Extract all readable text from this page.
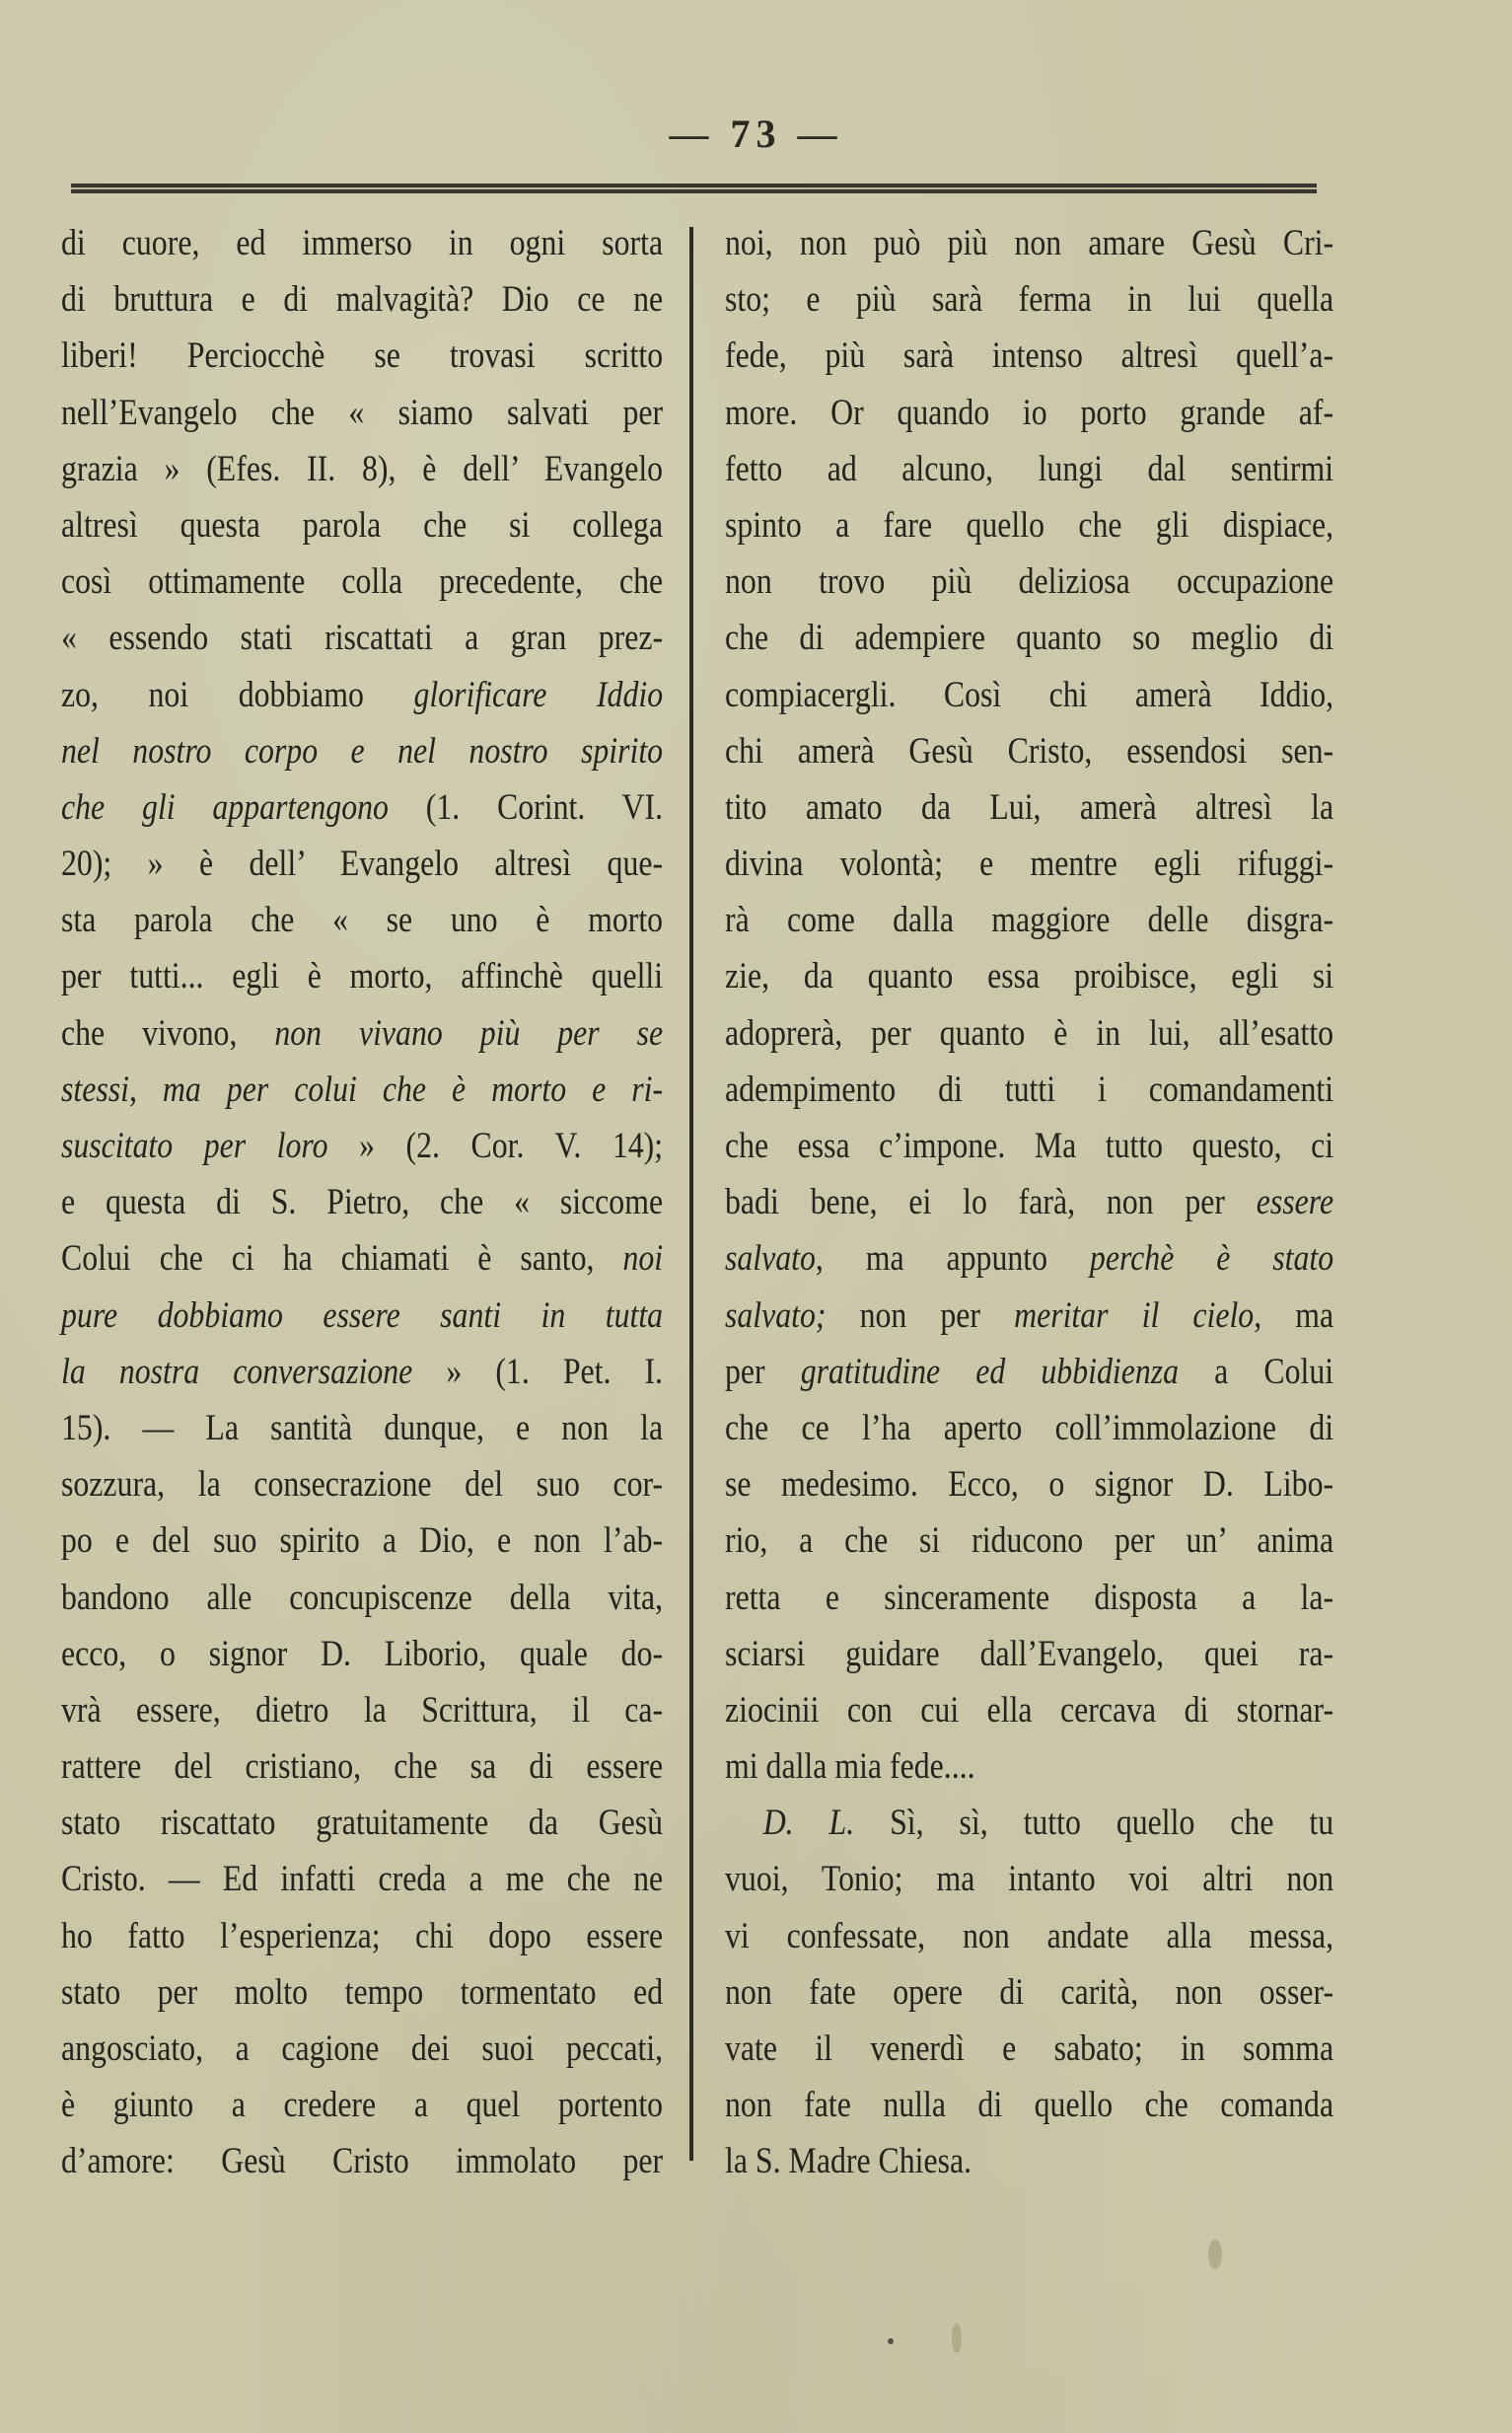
— 73 —
di cuore, ed immerso in ogni sorta
di bruttura e di malvagità? Dio ce ne
liberi! Perciocchè se trovasi scritto
nell’Evangelo che « siamo salvati per
grazia » (Efes. II. 8), è dell’ Evangelo
altresì questa parola che si collega
così ottimamente colla precedente, che
« essendo stati riscattati a gran prez-
zo, noi dobbiamo glorificare Iddio
nel nostro corpo e nel nostro spirito
che gli appartengono (1. Corint. VI.
20); » è dell’ Evangelo altresì que-
sta parola che « se uno è morto
per tutti... egli è morto, affinchè quelli
che vivono, non vivano più per se
stessi, ma per colui che è morto e ri-
suscitato per loro » (2. Cor. V. 14);
e questa di S. Pietro, che « siccome
Colui che ci ha chiamati è santo, noi
pure dobbiamo essere santi in tutta
la nostra conversazione » (1. Pet. I.
15). — La santità dunque, e non la
sozzura, la consecrazione del suo cor-
po e del suo spirito a Dio, e non l’ab-
bandono alle concupiscenze della vita,
ecco, o signor D. Liborio, quale do-
vrà essere, dietro la Scrittura, il ca-
rattere del cristiano, che sa di essere
stato riscattato gratuitamente da Gesù
Cristo. — Ed infatti creda a me che ne
ho fatto l’esperienza; chi dopo essere
stato per molto tempo tormentato ed
angosciato, a cagione dei suoi peccati,
è giunto a credere a quel portento
d’amore: Gesù Cristo immolato per
noi, non può più non amare Gesù Cri-
sto; e più sarà ferma in lui quella
fede, più sarà intenso altresì quell’a-
more. Or quando io porto grande af-
fetto ad alcuno, lungi dal sentirmi
spinto a fare quello che gli dispiace,
non trovo più deliziosa occupazione
che di adempiere quanto so meglio di
compiacergli. Così chi amerà Iddio,
chi amerà Gesù Cristo, essendosi sen-
tito amato da Lui, amerà altresì la
divina volontà; e mentre egli rifuggi-
rà come dalla maggiore delle disgra-
zie, da quanto essa proibisce, egli si
adoprerà, per quanto è in lui, all’esatto
adempimento di tutti i comandamenti
che essa c’impone. Ma tutto questo, ci
badi bene, ei lo farà, non per essere
salvato, ma appunto perchè è stato
salvato; non per meritar il cielo, ma
per gratitudine ed ubbidienza a Colui
che ce l’ha aperto coll’immolazione di
se medesimo. Ecco, o signor D. Libo-
rio, a che si riducono per un’ anima
retta e sinceramente disposta a la-
sciarsi guidare dall’Evangelo, quei ra-
ziocinii con cui ella cercava di stornar-
mi dalla mia fede....
D. L. Sì, sì, tutto quello che tu
vuoi, Tonio; ma intanto voi altri non
vi confessate, non andate alla messa,
non fate opere di carità, non osser-
vate il venerdì e sabato; in somma
non fate nulla di quello che comanda
la S. Madre Chiesa.
